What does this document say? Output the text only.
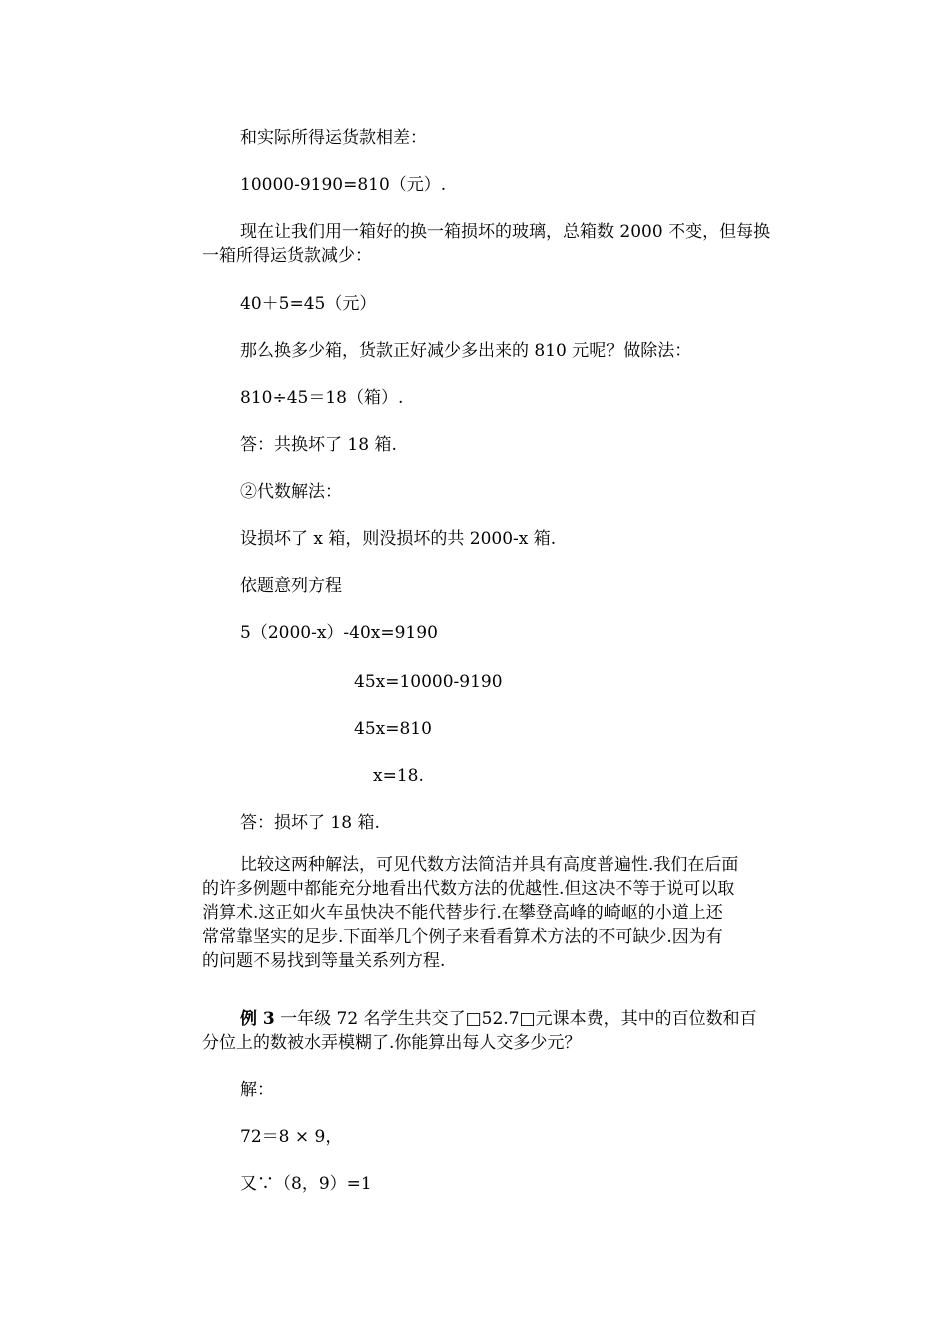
和实际所得运货款相差：
10000-9190=810（元）.
现在让我们用一箱好的换一箱损坏的玻璃，总箱数 2000 不变，但每换
一箱所得运货款减少：
40＋5=45（元）
那么换多少箱，货款正好减少多出来的 810 元呢？做除法：
810÷45＝18（箱）.
答：共换坏了 18 箱.
②代数解法：
设损坏了 x 箱，则没损坏的共 2000-x 箱.
依题意列方程
5（2000-x）-40x=9190
45x=10000-9190
45x=810
x=18.
答：损坏了 18 箱.
比较这两种解法，可见代数方法简洁并具有高度普遍性.我们在后面
的许多例题中都能充分地看出代数方法的优越性.但这决不等于说可以取
消算术.这正如火车虽快决不能代替步行.在攀登高峰的崎岖的小道上还
常常靠坚实的足步.下面举几个例子来看看算术方法的不可缺少.因为有
的问题不易找到等量关系列方程.
例 3 一年级 72 名学生共交了□52.7□元课本费，其中的百位数和百
分位上的数被水弄模糊了.你能算出每人交多少元？
解：
72＝8 × 9，
又∵（8，9）=1
